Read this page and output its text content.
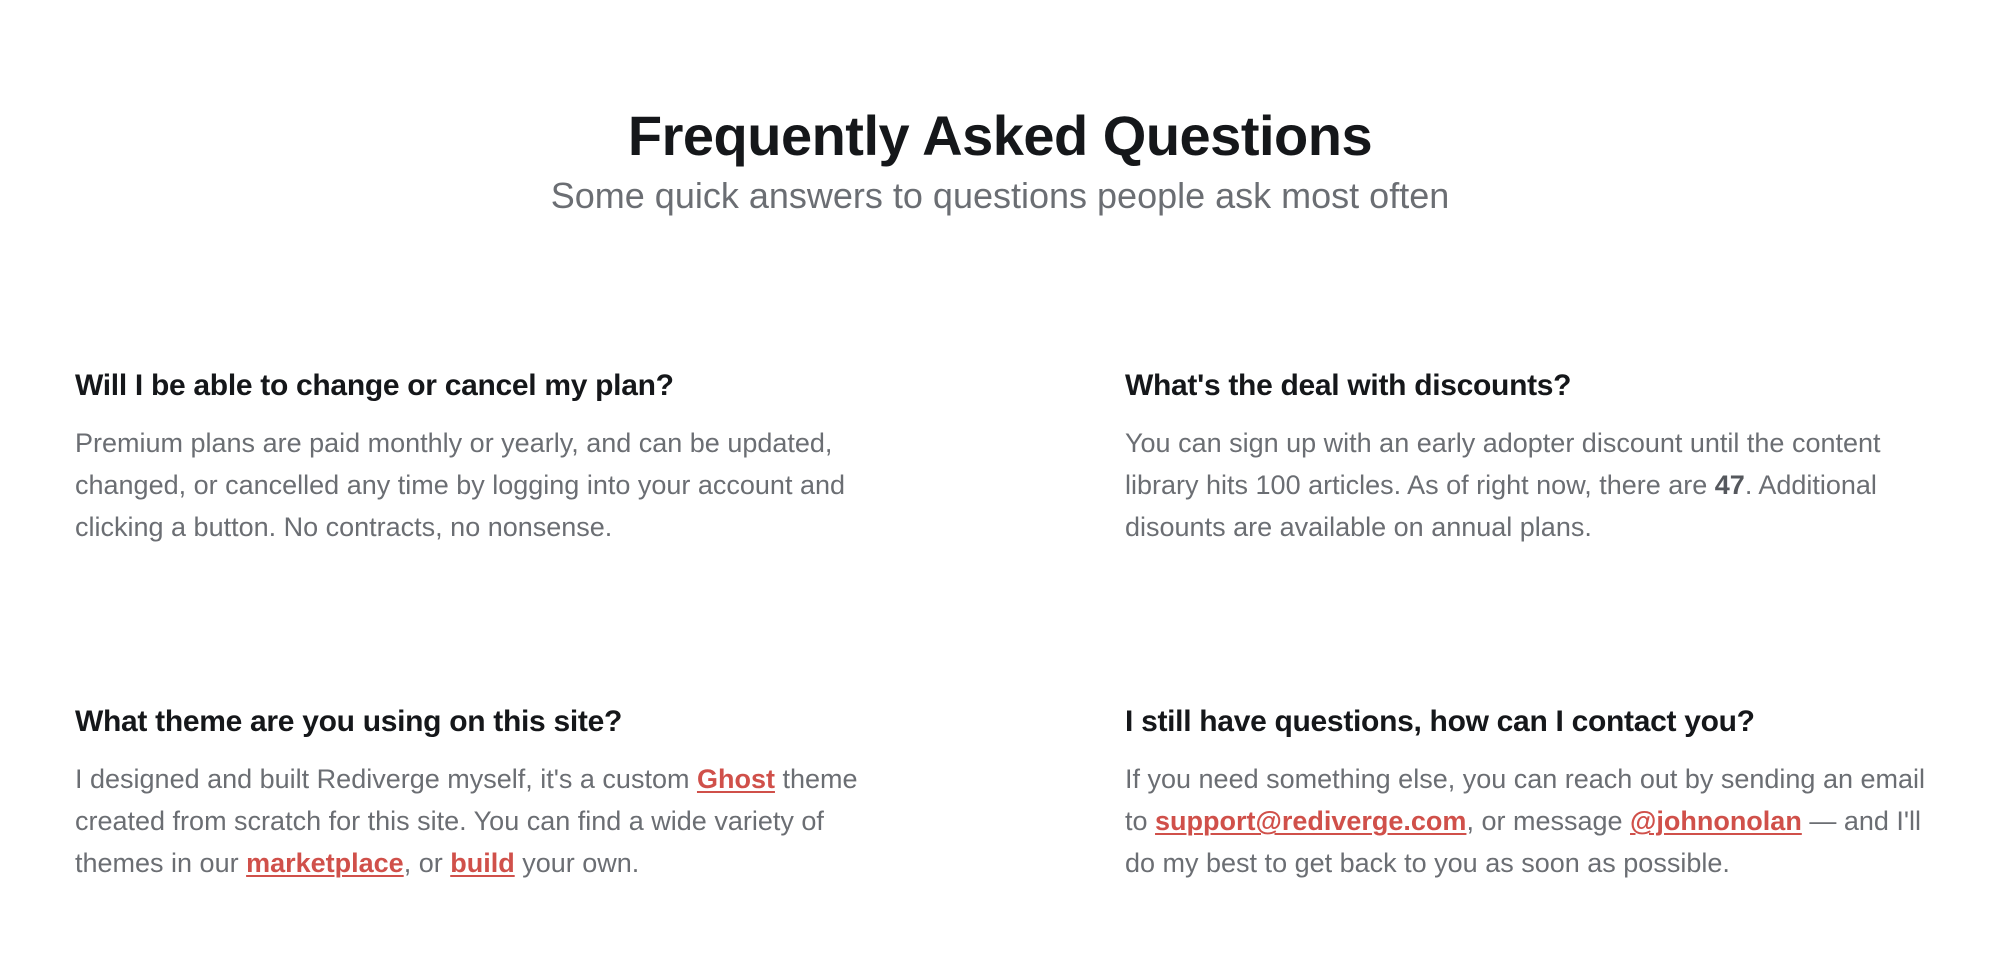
Frequently Asked Questions

Some quick answers to questions people ask most often

Will I be able to change or cancel my plan?

Premium plans are paid monthly or yearly, and can be updated, changed, or cancelled any time by logging into your account and clicking a button. No contracts, no nonsense.

What's the deal with discounts?

You can sign up with an early adopter discount until the content library hits 100 articles. As of right now, there are 47. Additional disounts are available on annual plans.

What theme are you using on this site?

I designed and built Rediverge myself, it's a custom Ghost theme created from scratch for this site. You can find a wide variety of themes in our marketplace, or build your own.

I still have questions, how can I contact you?

If you need something else, you can reach out by sending an email to support@rediverge.com, or message @johnonolan — and I'll do my best to get back to you as soon as possible.
